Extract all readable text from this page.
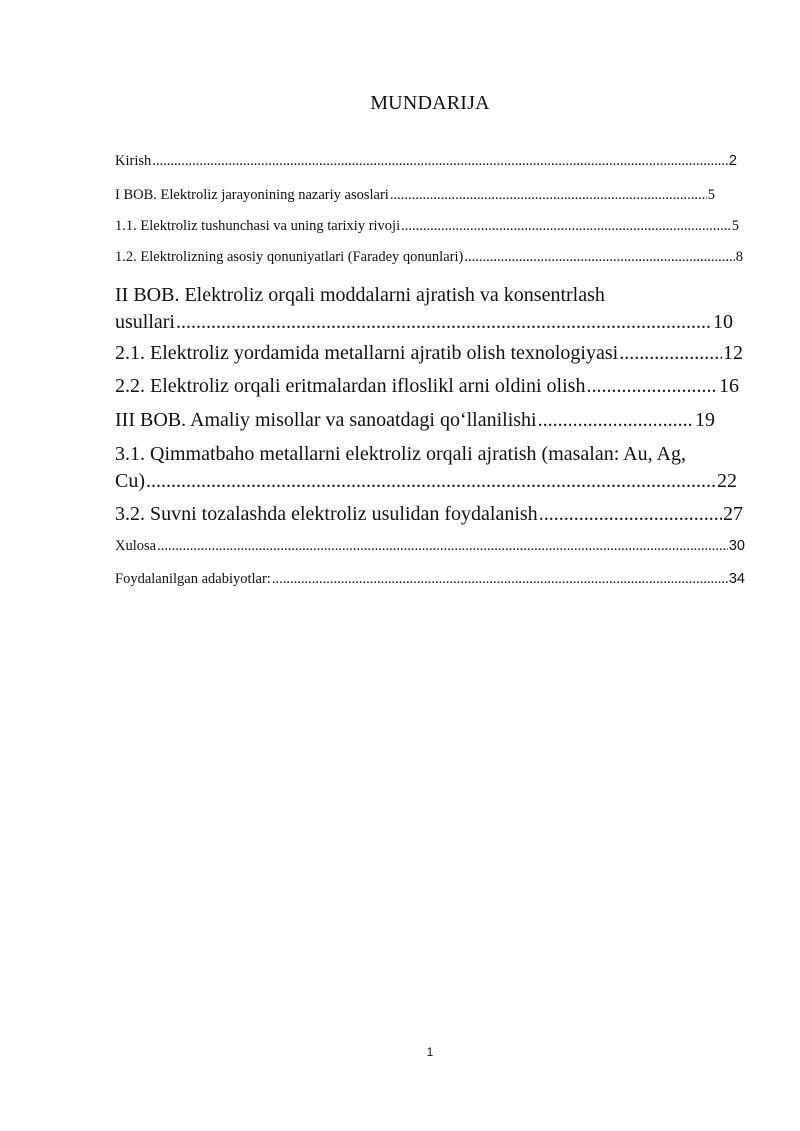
MUNDARIJA
Kirish .....	2
I BOB. Elektroliz jarayonining nazariy asoslari .....	5
1.1. Elektroliz tushunchasi va uning tarixiy rivoji .....	5
1.2. Elektrolizning asosiy qonuniyatlari (Faradey qonunlari) .....	8
II BOB. Elektroliz orqali moddalarni ajratish va konsentrlash
usullari .....	10
2.1. Elektroliz yordamida metallarni ajratib olish texnologiyasi .....	12
2.2. Elektroliz orqali eritmalardan ifloslikl arni oldini olish .....	16
III BOB. Amaliy misollar va sanoatdagi qo‘llanilishi .....	19
3.1. Qimmatbaho metallarni elektroliz orqali ajratish (masalan: Au, Ag,
Cu) .....	22
3.2. Suvni tozalashda elektroliz usulidan foydalanish .....	27
Xulosa .....	30
Foydalanilgan adabiyotlar: .....	34
1
